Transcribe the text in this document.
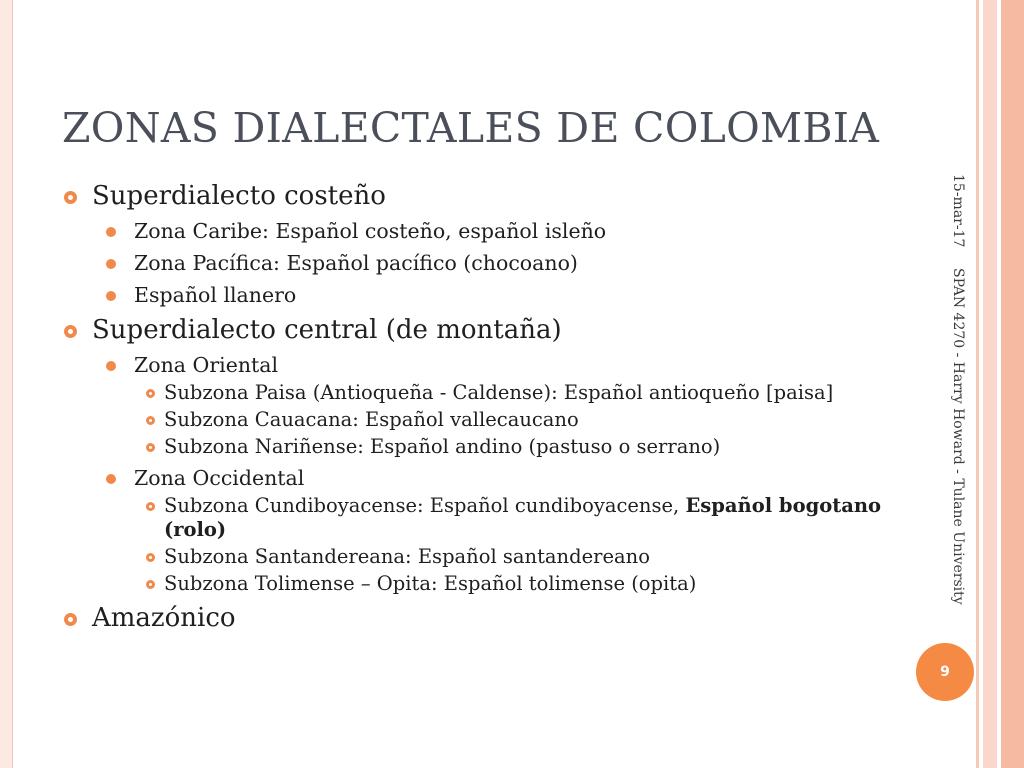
ZONAS DIALECTALES DE COLOMBIA
Superdialecto costeño
Zona Caribe: Español costeño, español isleño
Zona Pacífica: Español pacífico (chocoano)
Español llanero
Superdialecto central (de montaña)
Zona Oriental
Subzona Paisa (Antioqueña - Caldense): Español antioqueño [paisa]
Subzona Cauacana: Español vallecaucano
Subzona Nariñense: Español andino (pastuso o serrano)
Zona Occidental
Subzona Cundiboyacense: Español cundiboyacense, Español bogotano (rolo)
Subzona Santandereana: Español santandereano
Subzona Tolimense – Opita: Español tolimense (opita)
Amazónico
15-mar-17
SPAN 4270 - Harry Howard - Tulane University
9
